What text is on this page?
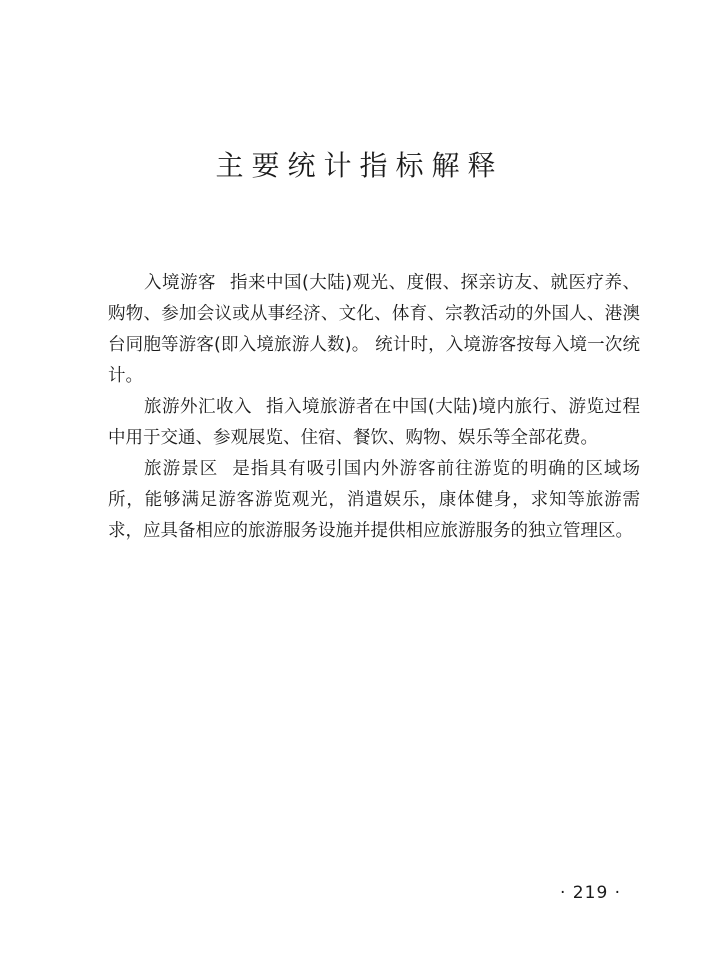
主要统计指标解释

入境游客 指来中国(大陆)观光、度假、探亲访友、就医疗养、购物、参加会议或从事经济、文化、体育、宗教活动的外国人、港澳台同胞等游客(即入境旅游人数)。 统计时，入境游客按每入境一次统计。

旅游外汇收入 指入境旅游者在中国(大陆)境内旅行、游览过程中用于交通、参观展览、住宿、餐饮、购物、娱乐等全部花费。

旅游景区 是指具有吸引国内外游客前往游览的明确的区域场所，能够满足游客游览观光，消遣娱乐，康体健身，求知等旅游需求，应具备相应的旅游服务设施并提供相应旅游服务的独立管理区。

· 219 ·
